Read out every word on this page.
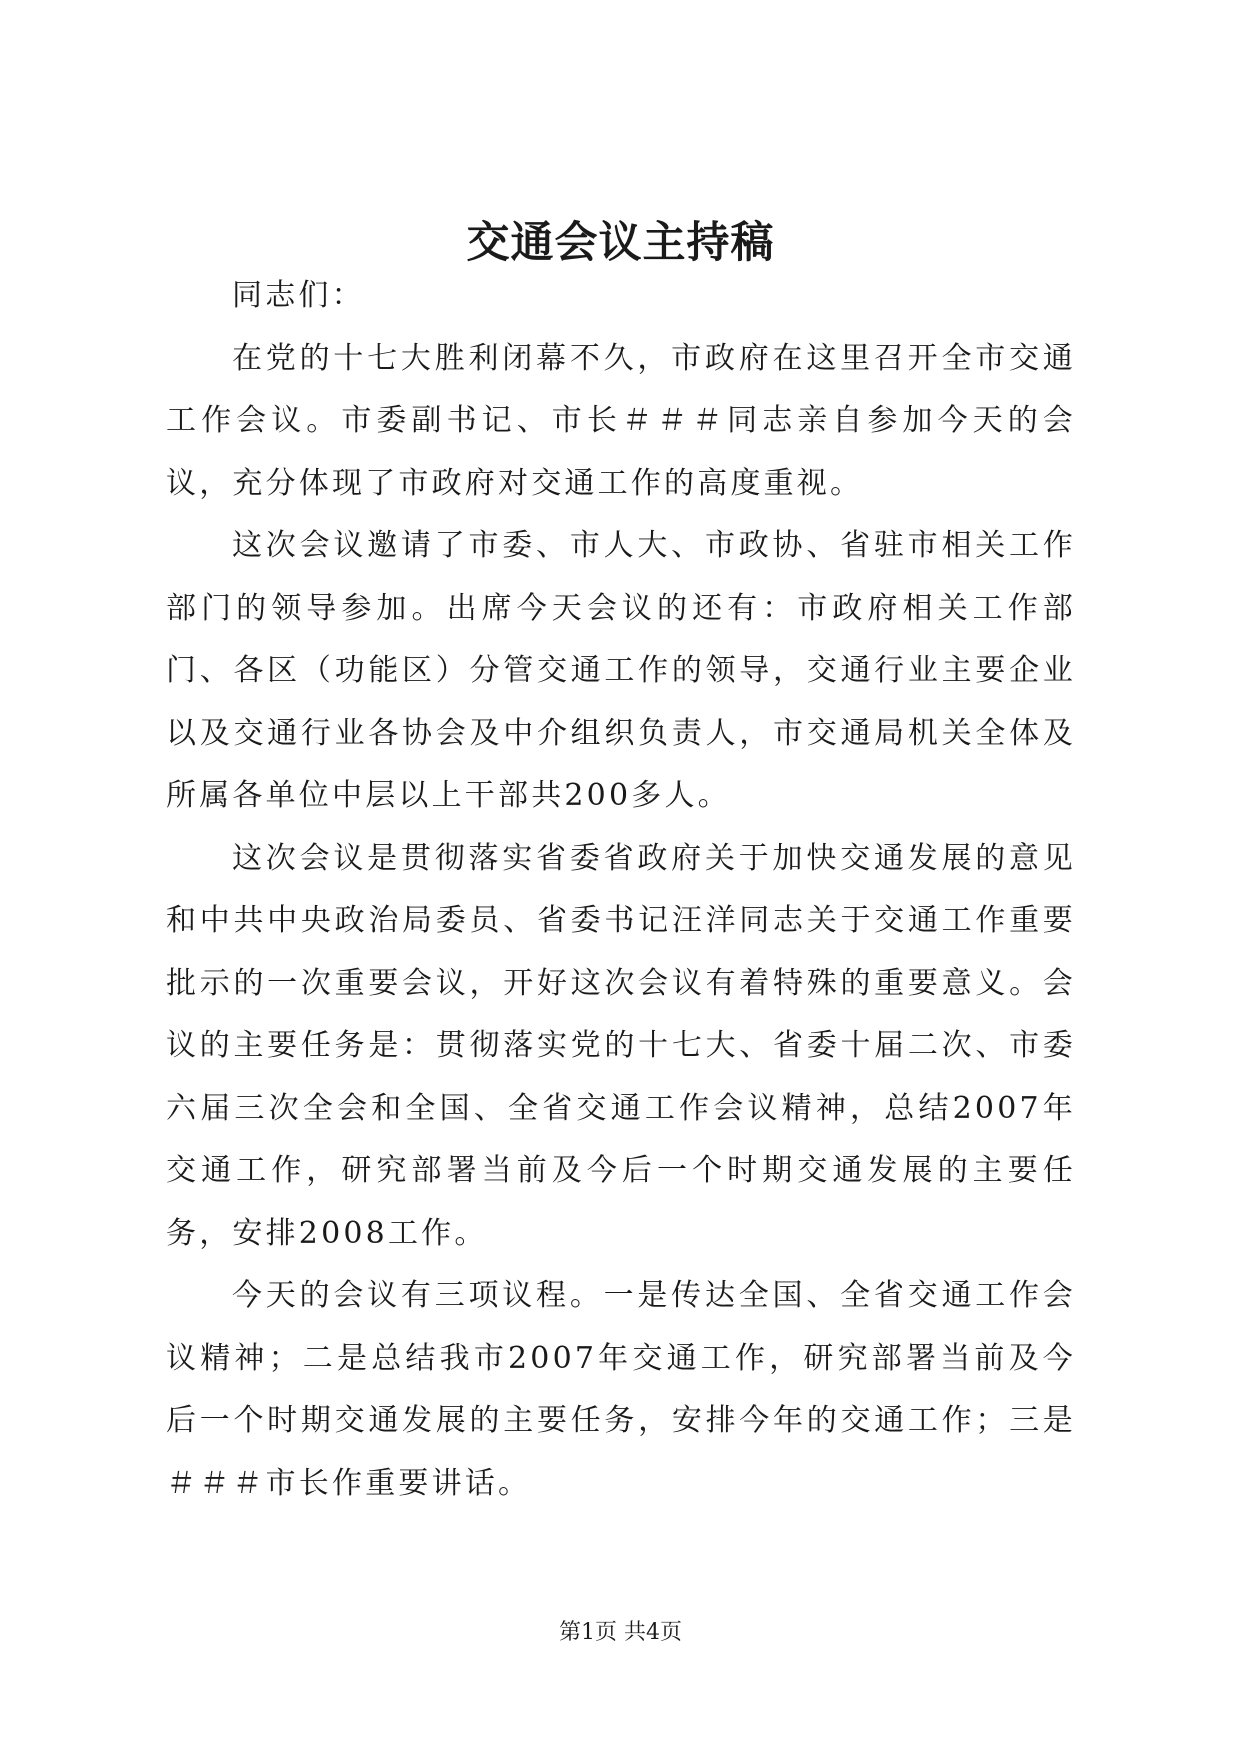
交通会议主持稿

同志们：

在党的十七大胜利闭幕不久，市政府在这里召开全市交通工作会议。市委副书记、市长＃＃＃同志亲自参加今天的会议，充分体现了市政府对交通工作的高度重视。

这次会议邀请了市委、市人大、市政协、省驻市相关工作部门的领导参加。出席今天会议的还有：市政府相关工作部门、各区（功能区）分管交通工作的领导，交通行业主要企业以及交通行业各协会及中介组织负责人，市交通局机关全体及所属各单位中层以上干部共200多人。

这次会议是贯彻落实省委省政府关于加快交通发展的意见和中共中央政治局委员、省委书记汪洋同志关于交通工作重要批示的一次重要会议，开好这次会议有着特殊的重要意义。会议的主要任务是：贯彻落实党的十七大、省委十届二次、市委六届三次全会和全国、全省交通工作会议精神，总结2007年交通工作，研究部署当前及今后一个时期交通发展的主要任务，安排2008工作。

今天的会议有三项议程。一是传达全国、全省交通工作会议精神；二是总结我市2007年交通工作，研究部署当前及今后一个时期交通发展的主要任务，安排今年的交通工作；三是＃＃＃市长作重要讲话。

第1页 共4页
